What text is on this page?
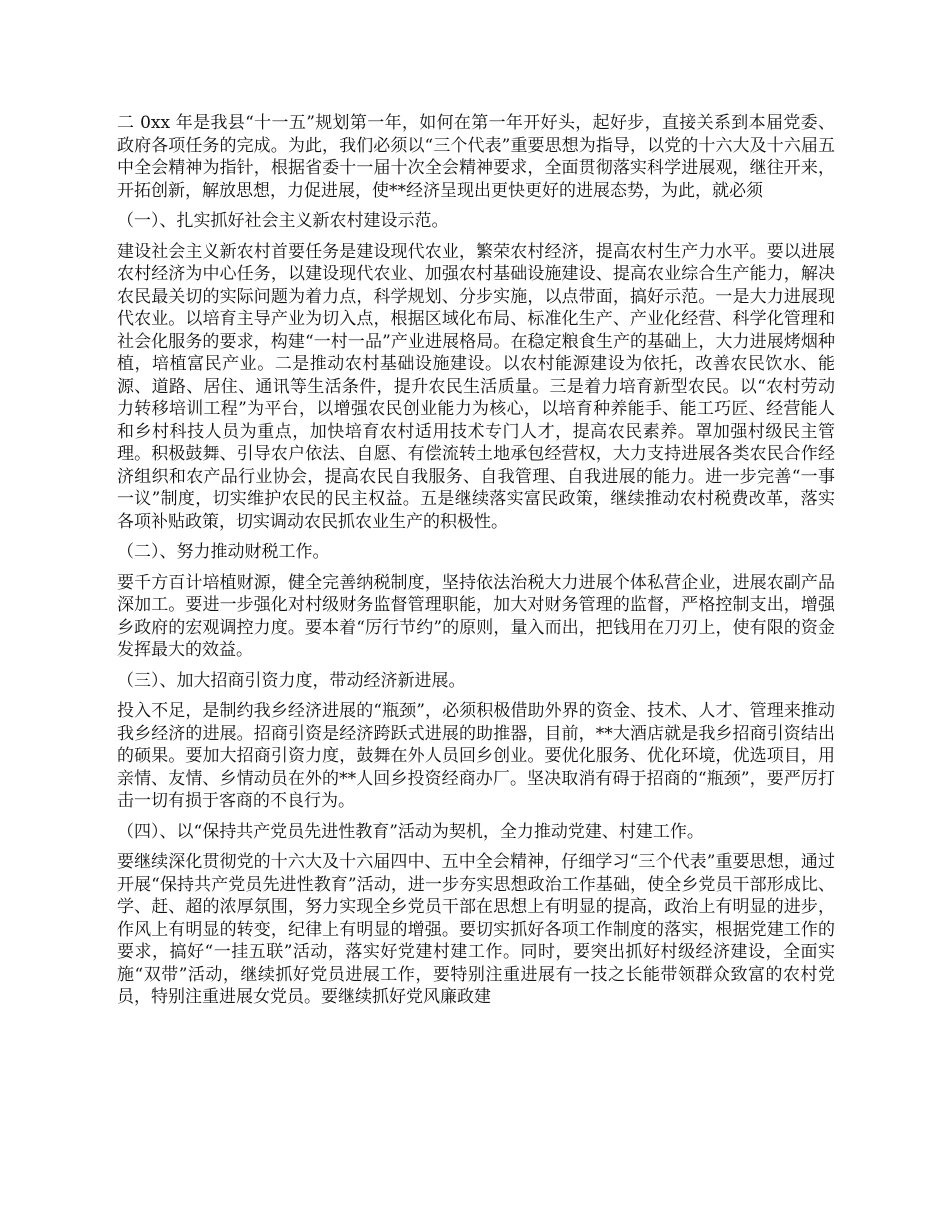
二 0xx 年是我县“十一五”规划第一年，如何在第一年开好头，起好步，直接关系到本届党委、政府各项任务的完成。为此，我们必须以“三个代表”重要思想为指导，以党的十六大及十六届五中全会精神为指针，根据省委十一届十次全会精神要求，全面贯彻落实科学进展观，继往开来，开拓创新，解放思想，力促进展，使**经济呈现出更快更好的进展态势，为此，就必须

（一）、扎实抓好社会主义新农村建设示范。

建设社会主义新农村首要任务是建设现代农业，繁荣农村经济，提高农村生产力水平。要以进展农村经济为中心任务，以建设现代农业、加强农村基础设施建设、提高农业综合生产能力，解决农民最关切的实际问题为着力点，科学规划、分步实施，以点带面，搞好示范。一是大力进展现代农业。以培育主导产业为切入点，根据区域化布局、标准化生产、产业化经营、科学化管理和社会化服务的要求，构建“一村一品”产业进展格局。在稳定粮食生产的基础上，大力进展烤烟种植，培植富民产业。二是推动农村基础设施建设。以农村能源建设为依托，改善农民饮水、能源、道路、居住、通讯等生活条件，提升农民生活质量。三是着力培育新型农民。以“农村劳动力转移培训工程”为平台，以增强农民创业能力为核心，以培育种养能手、能工巧匠、经营能人和乡村科技人员为重点，加快培育农村适用技术专门人才，提高农民素养。罩加强村级民主管理。积极鼓舞、引导农户依法、自愿、有偿流转土地承包经营权，大力支持进展各类农民合作经济组织和农产品行业协会，提高农民自我服务、自我管理、自我进展的能力。进一步完善“一事一议”制度，切实维护农民的民主权益。五是继续落实富民政策，继续推动农村税费改革，落实各项补贴政策，切实调动农民抓农业生产的积极性。

（二）、努力推动财税工作。

要千方百计培植财源，健全完善纳税制度，坚持依法治税大力进展个体私营企业，进展农副产品深加工。要进一步强化对村级财务监督管理职能，加大对财务管理的监督，严格控制支出，增强乡政府的宏观调控力度。要本着“厉行节约”的原则，量入而出，把钱用在刀刃上，使有限的资金发挥最大的效益。

（三）、加大招商引资力度，带动经济新进展。

投入不足，是制约我乡经济进展的“瓶颈”，必须积极借助外界的资金、技术、人才、管理来推动我乡经济的进展。招商引资是经济跨跃式进展的助推器，目前，**大酒店就是我乡招商引资结出的硕果。要加大招商引资力度，鼓舞在外人员回乡创业。要优化服务、优化环境，优选项目，用亲情、友情、乡情动员在外的**人回乡投资经商办厂。坚决取消有碍于招商的“瓶颈”，要严厉打击一切有损于客商的不良行为。

（四）、以“保持共产党员先进性教育”活动为契机，全力推动党建、村建工作。

要继续深化贯彻党的十六大及十六届四中、五中全会精神，仔细学习“三个代表”重要思想，通过开展“保持共产党员先进性教育”活动，进一步夯实思想政治工作基础，使全乡党员干部形成比、学、赶、超的浓厚氛围，努力实现全乡党员干部在思想上有明显的提高，政治上有明显的进步，作风上有明显的转变，纪律上有明显的增强。要切实抓好各项工作制度的落实，根据党建工作的要求，搞好“一挂五联”活动，落实好党建村建工作。同时，要突出抓好村级经济建设，全面实施“双带”活动，继续抓好党员进展工作，要特别注重进展有一技之长能带领群众致富的农村党员，特别注重进展女党员。要继续抓好党风廉政建
